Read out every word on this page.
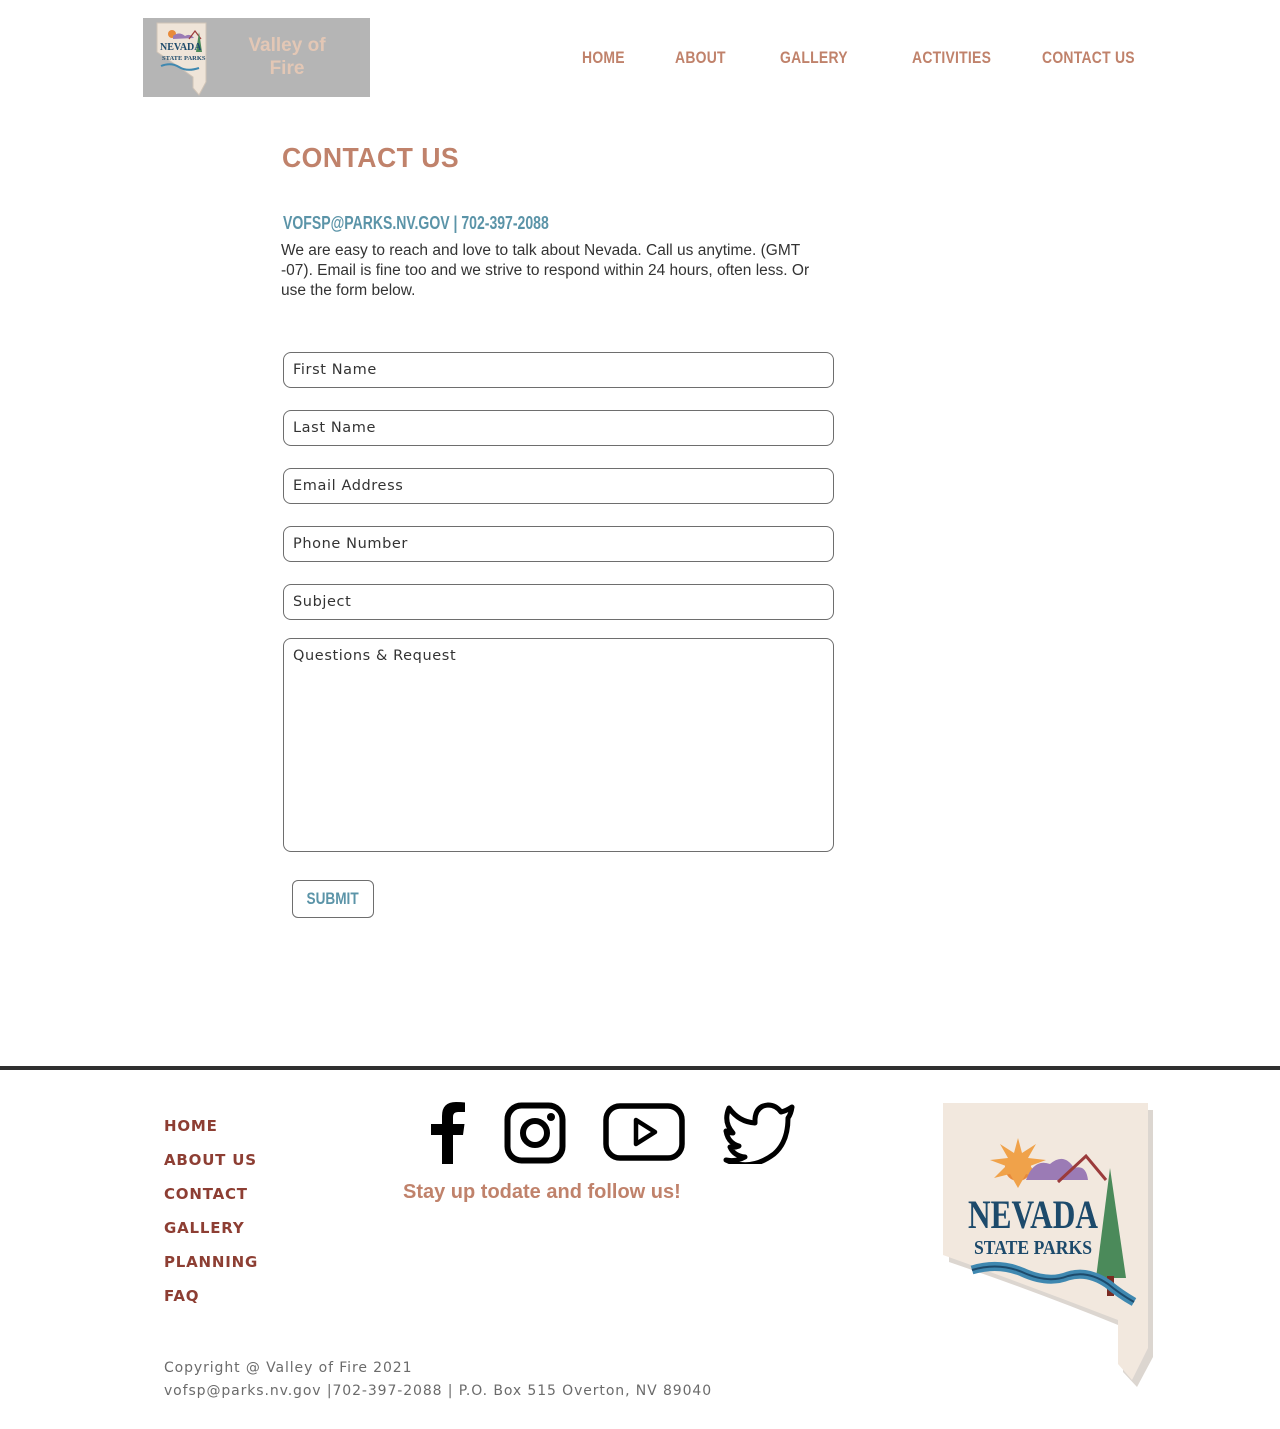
NEVADA
STATE PARKS
Valley of Fire
HOME	ABOUT	GALLERY	ACTIVITIES	CONTACT US
CONTACT US
VOFSP@PARKS.NV.GOV | 702-397-2088
We are easy to reach and love to talk about Nevada. Call us anytime. (GMT -07). Email is fine too and we strive to respond within 24 hours, often less. Or use the form below.
First Name
Last Name
Email Address
Phone Number
Subject
Questions & Request
SUBMIT
HOME
ABOUT US
CONTACT
GALLERY
PLANNING
FAQ
Stay up todate and follow us!
Copyright @ Valley of Fire 2021
vofsp@parks.nv.gov |702-397-2088 | P.O. Box 515 Overton, NV 89040
NEVADA
STATE PARKS
